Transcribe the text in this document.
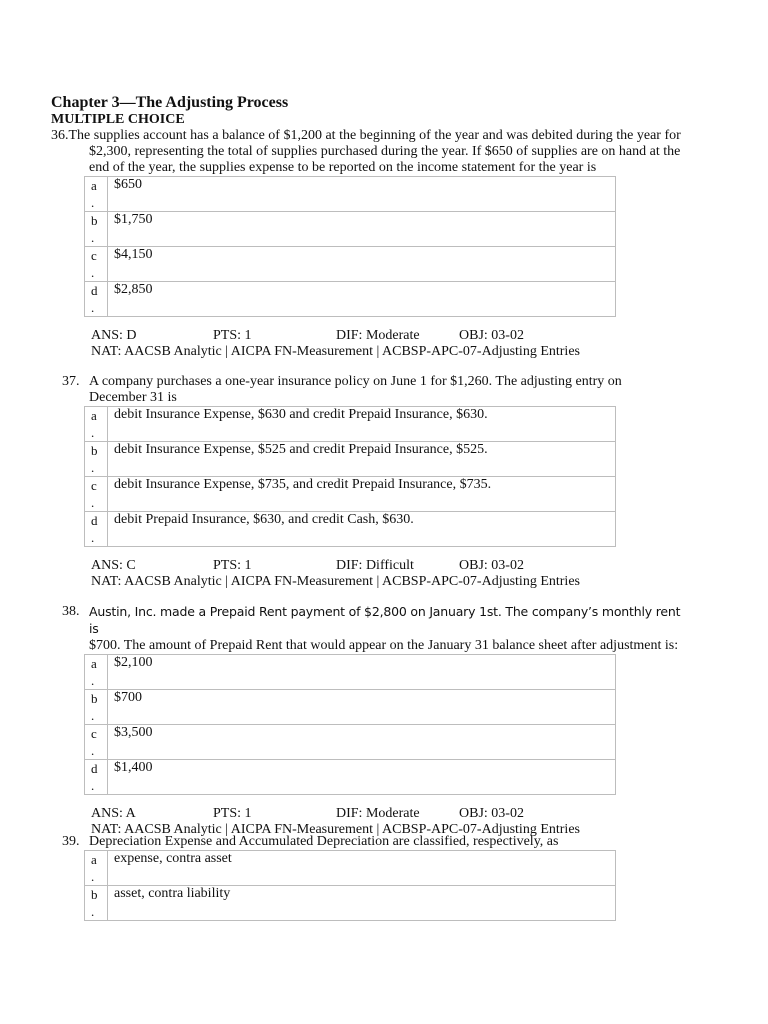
Chapter 3—The Adjusting Process
MULTIPLE CHOICE

36.The supplies account has a balance of $1,200 at the beginning of the year and was debited during the year for $2,300, representing the total of supplies purchased during the year. If $650 of supplies are on hand at the end of the year, the supplies expense to be reported on the income statement for the year is

a
.	$650

b
.	$1,750

c
.	$4,150

d
.	$2,850
ANS: D	PTS: 1	DIF: Moderate	OBJ: 03-02
NAT: AACSB Analytic | AICPA FN-Measurement | ACBSP-APC-07-Adjusting Entries

37. A company purchases a one-year insurance policy on June 1 for $1,260. The adjusting entry on December 31 is

a
.	debit Insurance Expense, $630 and credit Prepaid Insurance, $630.

b
.	debit Insurance Expense, $525 and credit Prepaid Insurance, $525.

c
.	debit Insurance Expense, $735, and credit Prepaid Insurance, $735.

d
.	debit Prepaid Insurance, $630, and credit Cash, $630.
ANS: C	PTS: 1	DIF: Difficult	OBJ: 03-02
NAT: AACSB Analytic | AICPA FN-Measurement | ACBSP-APC-07-Adjusting Entries

38. Austin, Inc. made a Prepaid Rent payment of $2,800 on January 1st. The company’s monthly rent is
$700. The amount of Prepaid Rent that would appear on the January 31 balance sheet after adjustment is:

a
.	$2,100

b
.	$700

c
.	$3,500

d
.	$1,400
ANS: A	PTS: 1	DIF: Moderate	OBJ: 03-02
NAT: AACSB Analytic | AICPA FN-Measurement | ACBSP-APC-07-Adjusting Entries

39. Depreciation Expense and Accumulated Depreciation are classified, respectively, as

a
.	expense, contra asset

b
.	asset, contra liability
